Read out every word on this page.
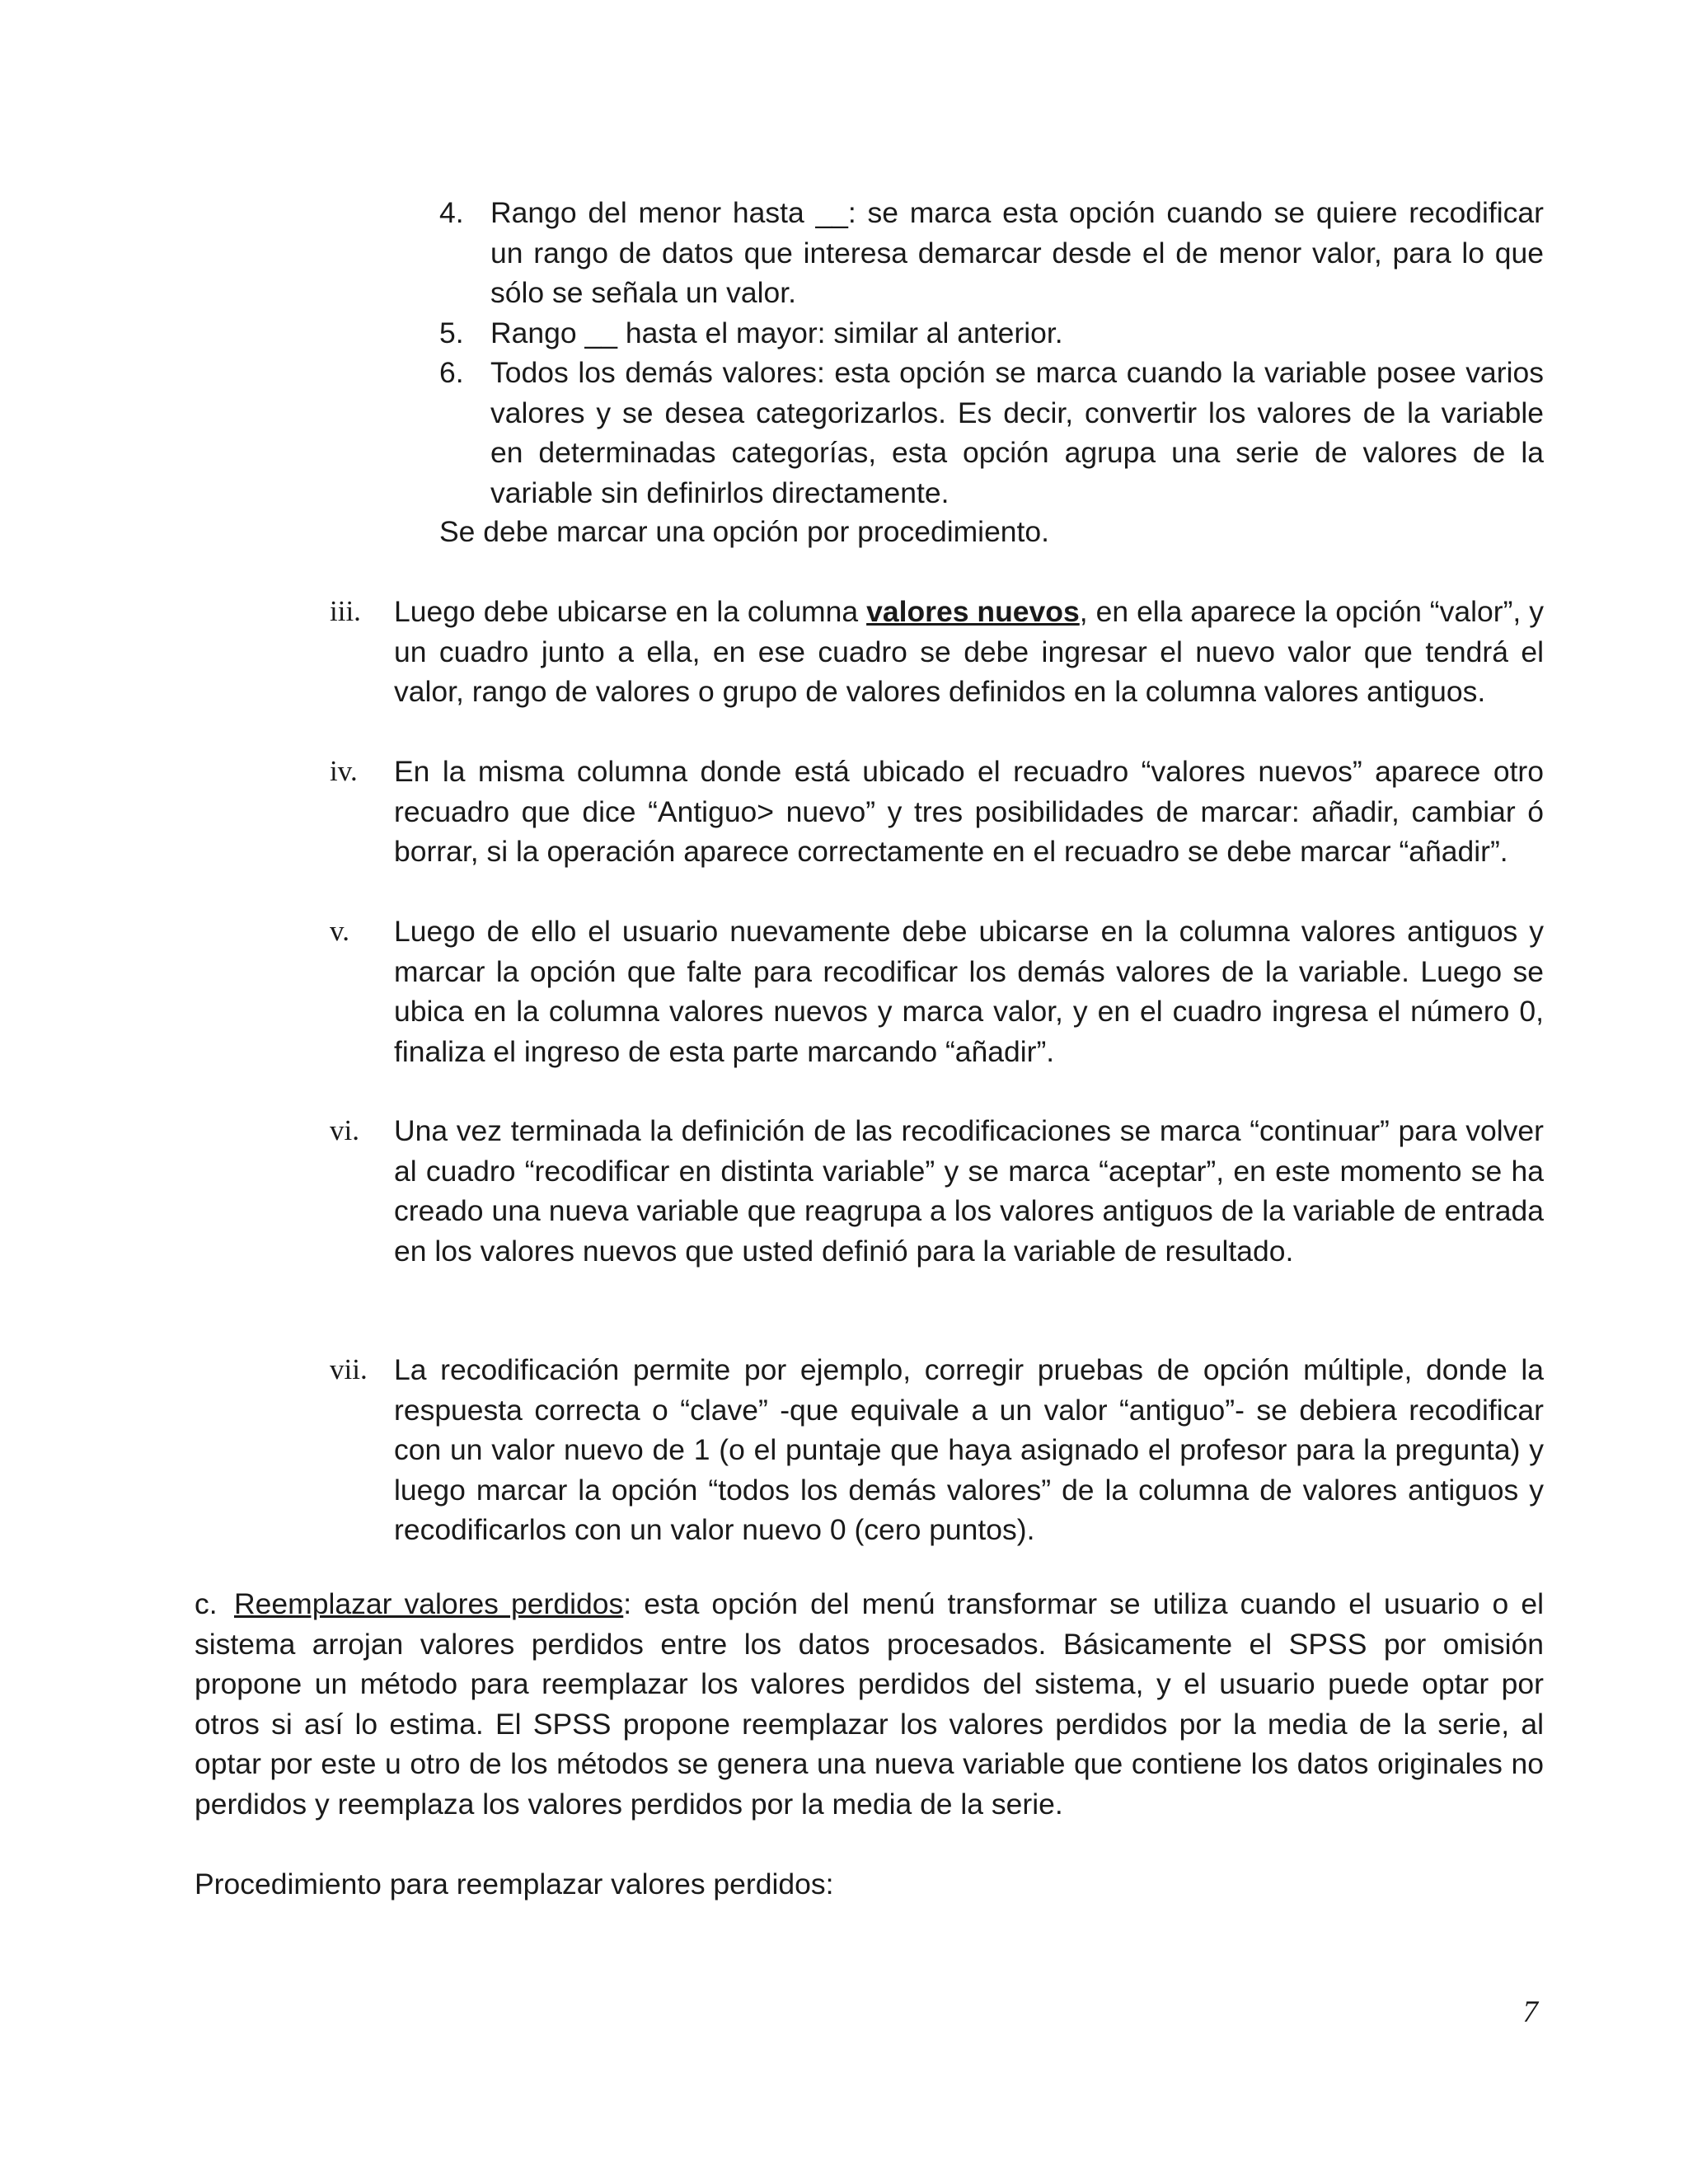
4. Rango del menor hasta __: se marca esta opción cuando se quiere recodificar un rango de datos que interesa demarcar desde el de menor valor, para lo que sólo se señala un valor.
5. Rango __ hasta el mayor: similar al anterior.
6. Todos los demás valores: esta opción se marca cuando la variable posee varios valores y se desea categorizarlos. Es decir, convertir los valores de la variable en determinadas categorías, esta opción agrupa una serie de valores de la variable sin definirlos directamente.
Se debe marcar una opción por procedimiento.
iii.	Luego debe ubicarse en la columna valores nuevos, en ella aparece la opción “valor”, y un cuadro junto a ella, en ese cuadro se debe ingresar el nuevo valor que tendrá el valor, rango de valores o grupo de valores definidos en la columna valores antiguos.
iv.	En la misma columna donde está ubicado el recuadro “valores nuevos” aparece otro recuadro que dice “Antiguo> nuevo” y tres posibilidades de marcar: añadir, cambiar ó borrar, si la operación aparece correctamente en el recuadro se debe marcar “añadir”.
v.	Luego de ello el usuario nuevamente debe ubicarse en la columna valores antiguos y marcar la opción que falte para recodificar los demás valores de la variable. Luego se ubica en la columna valores nuevos y marca valor, y en el cuadro ingresa el número 0, finaliza el ingreso de esta parte marcando “añadir”.
vi.	Una vez terminada la definición de las recodificaciones se marca “continuar” para volver al cuadro “recodificar en distinta variable” y se marca “aceptar”, en este momento se ha creado una nueva variable que reagrupa a los valores antiguos de la variable de entrada en los valores nuevos que usted definió para la variable de resultado.
vii. La recodificación permite por ejemplo, corregir pruebas de opción múltiple, donde la respuesta correcta o “clave” -que equivale a un valor “antiguo”- se debiera recodificar con un valor nuevo de 1 (o el puntaje que haya asignado el profesor para la pregunta) y luego marcar la opción “todos los demás valores” de la columna de valores antiguos y recodificarlos con un valor nuevo 0 (cero puntos).
c. Reemplazar valores perdidos: esta opción del menú transformar se utiliza cuando el usuario o el sistema arrojan valores perdidos entre los datos procesados. Básicamente el SPSS por omisión propone un método para reemplazar los valores perdidos del sistema, y el usuario puede optar por otros si así lo estima. El SPSS propone reemplazar los valores perdidos por la media de la serie, al optar por este u otro de los métodos se genera una nueva variable que contiene los datos originales no perdidos y reemplaza los valores perdidos por la media de la serie.
Procedimiento para reemplazar valores perdidos:
7
